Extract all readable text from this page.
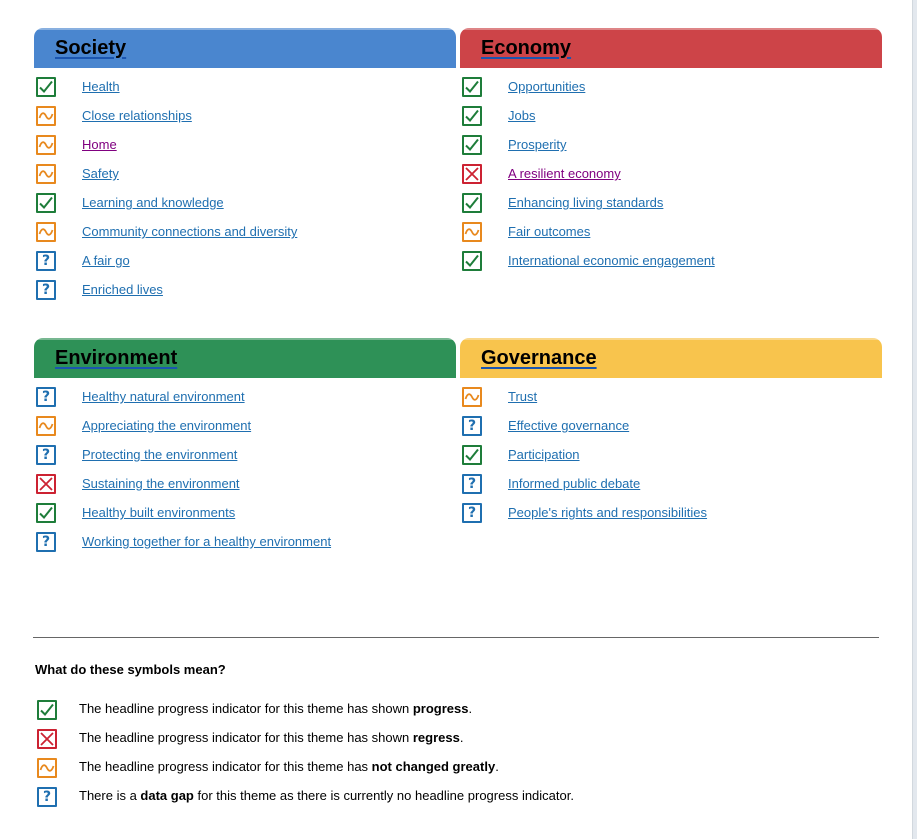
Society
Health
Close relationships
Home
Safety
Learning and knowledge
Community connections and diversity
? A fair go
? Enriched lives
Economy
Opportunities
Jobs
Prosperity
A resilient economy
Enhancing living standards
Fair outcomes
International economic engagement
Environment
? Healthy natural environment
Appreciating the environment
? Protecting the environment
Sustaining the environment
Healthy built environments
? Working together for a healthy environment
Governance
Trust
? Effective governance
Participation
? Informed public debate
? People's rights and responsibilities
What do these symbols mean?
The headline progress indicator for this theme has shown progress.
The headline progress indicator for this theme has shown regress.
The headline progress indicator for this theme has not changed greatly.
? There is a data gap for this theme as there is currently no headline progress indicator.
